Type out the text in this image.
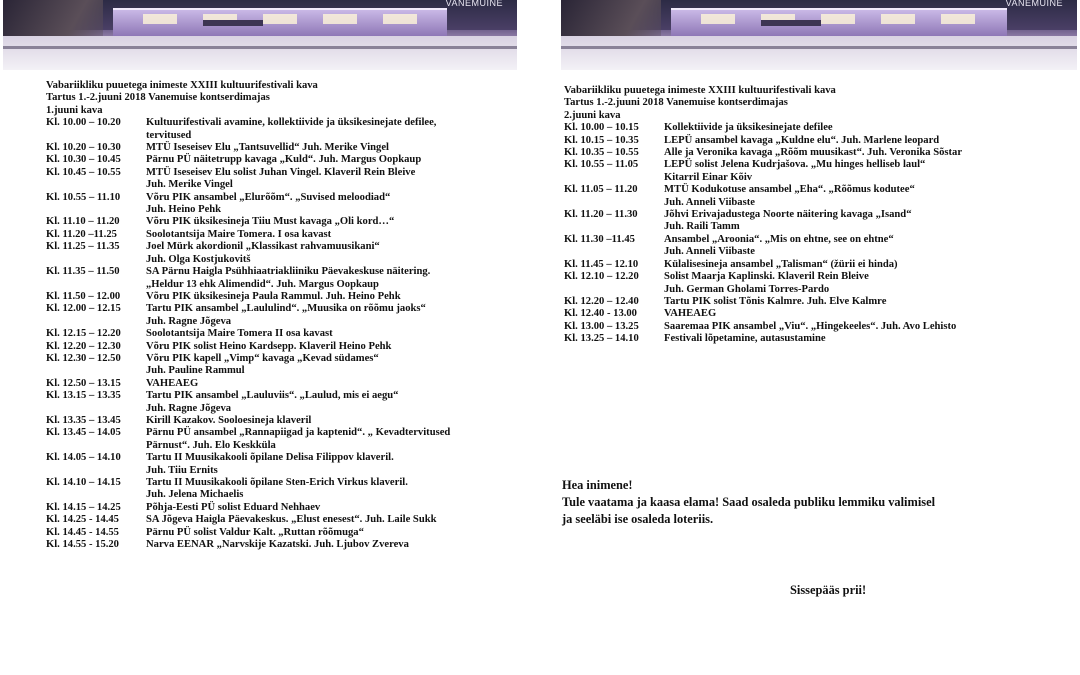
VANEMUINE	VANEMUINE
Vabariikliku puuetega inimeste XXIII kultuurifestivali kava
Tartus 1.-2.juuni 2018 Vanemuise kontserdimajas
1.juuni kava
Kl. 10.00 – 10.20	Kultuurifestivali avamine, kollektiivide ja üksikesinejate defilee,
tervitused
Kl. 10.20 – 10.30	MTÜ Iseseisev Elu „Tantsuvellid“ Juh. Merike Vingel
Kl. 10.30 – 10.45	Pärnu PÜ näitetrupp kavaga „Kuld“. Juh. Margus Oopkaup
Kl. 10.45 – 10.55	MTÜ Iseseisev Elu solist Juhan Vingel. Klaveril Rein Bleive
Juh. Merike Vingel
Kl. 10.55 – 11.10	Võru PIK ansambel „Elurõõm“. „Suvised meloodiad“
Juh. Heino Pehk
Kl. 11.10 – 11.20	Võru PIK üksikesineja Tiiu Must kavaga „Oli kord…“
Kl. 11.20 –11.25	Soolotantsija Maire Tomera. I osa kavast
Kl. 11.25 – 11.35	Joel Mürk akordionil „Klassikast rahvamuusikani“
Juh. Olga Kostjukovitš
Kl. 11.35 – 11.50	SA Pärnu Haigla Psühhiaatriakliiniku Päevakeskuse näitering.
„Heldur 13 ehk Alimendid“. Juh. Margus Oopkaup
Kl. 11.50 – 12.00	Võru PIK üksikesineja Paula Rammul. Juh. Heino Pehk
Kl. 12.00 – 12.15	Tartu PIK ansambel „Laululind“. „Muusika on rõõmu jaoks“
Juh. Ragne Jõgeva
Kl. 12.15 – 12.20	Soolotantsija Maire Tomera II osa kavast
Kl. 12.20 – 12.30	Võru PIK solist Heino Kardsepp. Klaveril Heino Pehk
Kl. 12.30 – 12.50	Võru PIK kapell „Vimp“ kavaga „Kevad südames“
Juh. Pauline Rammul
Kl. 12.50 – 13.15	VAHEAEG
Kl. 13.15 – 13.35	Tartu PIK ansambel „Lauluviis“. „Laulud, mis ei aegu“
Juh. Ragne Jõgeva
Kl. 13.35 – 13.45	Kirill Kazakov. Sooloesineja klaveril
Kl. 13.45 – 14.05	Pärnu PÜ ansambel „Rannapiigad ja kaptenid“. „ Kevadtervitused
Pärnust“. Juh. Elo Keskküla
Kl. 14.05 – 14.10	Tartu II Muusikakooli õpilane Delisa Filippov klaveril.
Juh. Tiiu Ernits
Kl. 14.10 – 14.15	Tartu II Muusikakooli õpilane Sten-Erich Virkus klaveril.
Juh. Jelena Michaelis
Kl. 14.15 – 14.25	Põhja-Eesti PÜ solist Eduard Nehhaev
Kl. 14.25 - 14.45	SA Jõgeva Haigla Päevakeskus. „Elust enesest“. Juh. Laile Sukk
Kl. 14.45 - 14.55	Pärnu PÜ solist Valdur Kalt. „Ruttan rõõmuga“
Kl. 14.55 - 15.20	Narva EENAR „Narvskije Kazatski. Juh. Ljubov Zvereva
Vabariikliku puuetega inimeste XXIII kultuurifestivali kava
Tartus 1.-2.juuni 2018 Vanemuise kontserdimajas
2.juuni kava
Kl. 10.00 – 10.15	Kollektiivide ja üksikesinejate defilee
Kl. 10.15 – 10.35	LEPÜ ansambel kavaga „Kuldne elu“. Juh. Marlene leopard
Kl. 10.35 – 10.55	Alle ja Veronika kavaga „Rõõm muusikast“. Juh. Veronika Sõstar
Kl. 10.55 – 11.05	LEPÜ solist Jelena Kudrjašova. „Mu hinges helliseb laul“
Kitarril Einar Kõiv
Kl. 11.05 – 11.20	MTÜ Kodukotuse ansambel „Eha“. „Rõõmus kodutee“
Juh. Anneli Viibaste
Kl. 11.20 – 11.30	Jõhvi Erivajadustega Noorte näitering kavaga „Isand“
Juh. Raili Tamm
Kl. 11.30 –11.45	Ansambel „Aroonia“. „Mis on ehtne, see on ehtne“
Juh. Anneli Viibaste
Kl. 11.45 – 12.10	Külalisesineja ansambel „Talisman“ (žürii ei hinda)
Kl. 12.10 – 12.20	Solist Maarja Kaplinski. Klaveril Rein Bleive
Juh. German Gholami Torres-Pardo
Kl. 12.20 – 12.40	Tartu PIK solist Tõnis Kalmre. Juh. Elve Kalmre
Kl. 12.40 - 13.00	VAHEAEG
Kl. 13.00 – 13.25	Saaremaa PIK ansambel „Viu“. „Hingekeeles“. Juh. Avo Lehisto
Kl. 13.25 – 14.10	Festivali lõpetamine, autasustamine
Hea inimene!
Tule vaatama ja kaasa elama! Saad osaleda publiku lemmiku valimisel
ja seeläbi ise osaleda loteriis.
Sissepääs prii!
